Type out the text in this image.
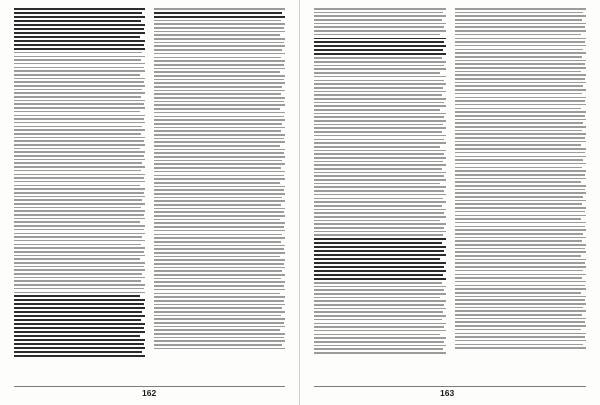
162	163
